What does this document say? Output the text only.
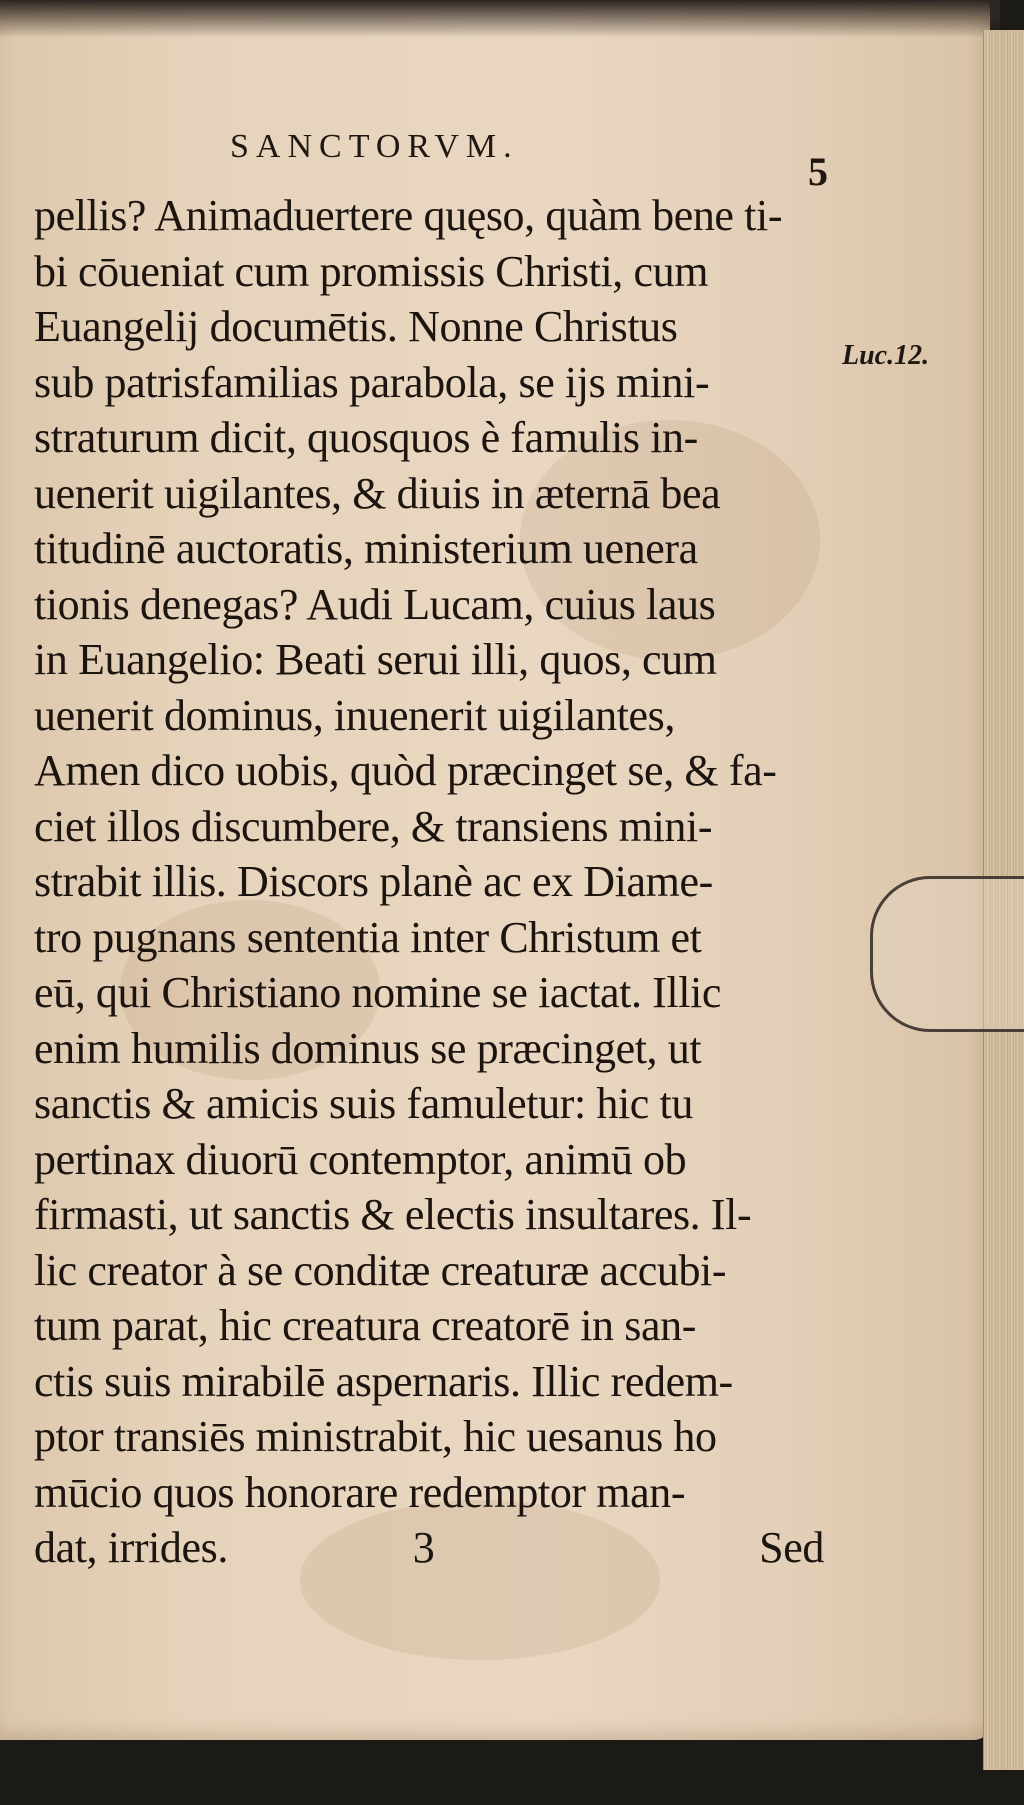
SANCTORVM.
5
Luc.12.
pellis? Animaduertere quęso, quàm bene ti-
bi cōueniat cum promissis Christi, cum
Euangelij documētis. Nonne Christus
sub patrisfamilias parabola, se ijs mini-
straturum dicit, quosquos è famulis in-
uenerit uigilantes, & diuis in æternā bea
titudinē auctoratis, ministerium uenera
tionis denegas? Audi Lucam, cuius laus
in Euangelio: Beati serui illi, quos, cum
uenerit dominus, inuenerit uigilantes,
Amen dico uobis, quòd præcinget se, & fa-
ciet illos discumbere, & transiens mini-
strabit illis. Discors planè ac ex Diame-
tro pugnans sententia inter Christum et
eū, qui Christiano nomine se iactat. Illic
enim humilis dominus se præcinget, ut
sanctis & amicis suis famuletur: hic tu
pertinax diuorū contemptor, animū ob
firmasti, ut sanctis & electis insultares. Il-
lic creator à se conditæ creaturæ accubi-
tum parat, hic creatura creatorē in san-
ctis suis mirabilē aspernaris. Illic redem-
ptor transiēs ministrabit, hic uesanus ho
mūcio quos honorare redemptor man-
dat, irrides.	3	Sed
